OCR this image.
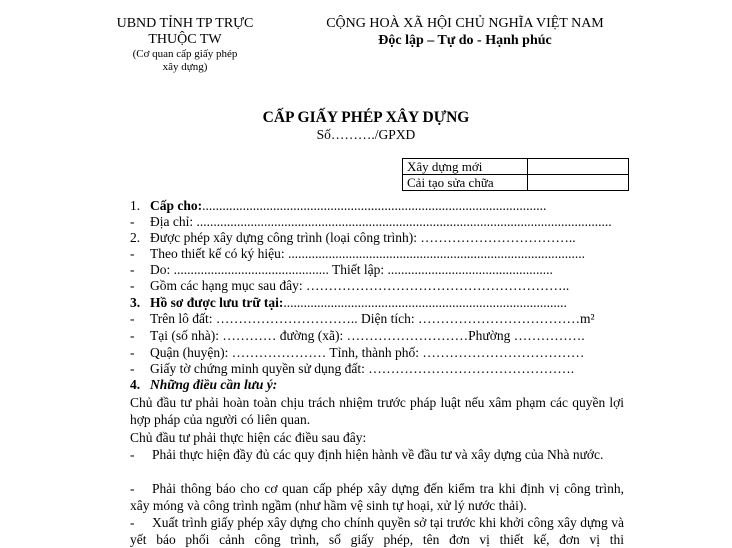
UBND TỈNH TP TRỰC
THUỘC TW
(Cơ quan cấp giấy phép
xây dựng)
CỘNG HOÀ XÃ HỘI CHỦ NGHĨA VIỆT NAM
Độc lập – Tự do - Hạnh phúc
CẤP GIẤY PHÉP XÂY DỰNG
Số………./GPXD
Xây dựng mới	
Cải tạo sửa chữa	
1. Cấp cho:......................................................................................................
-	Địa chỉ: ...........................................................................................................................
2. Được phép xây dựng công trình (loại công trình): ……………………………..
-	Theo thiết kế có ký hiệu: ........................................................................................
-	Do: .............................................. Thiết lập: .................................................
-	Gồm các hạng mục sau đây: …………………………………………………..
3. Hồ sơ được lưu trữ tại:....................................................................................
-	Trên lô đất: ………………………….. Diện tích: ………………………………m²
-	Tại (số nhà): ………… đường (xã): ………………………Phường …………….
-	Quận (huyện): ………………… Tỉnh, thành phố: ………………………………
-	Giấy tờ chứng minh quyền sử dụng đất: ……………………………………….
4. Những điều cần lưu ý:
Chủ đầu tư phải hoàn toàn chịu trách nhiệm trước pháp luật nếu xâm phạm các quyền lợi hợp pháp của người có liên quan.
Chủ đầu tư phải thực hiện các điều sau đây:
-	Phải thực hiện đầy đủ các quy định hiện hành về đầu tư và xây dựng của Nhà nước.
-	Phải thông báo cho cơ quan cấp phép xây dựng đến kiểm tra khi định vị công trình, xây móng và công trình ngầm (như hầm vệ sinh tự hoại, xử lý nước thải).
-	Xuất trình giấy phép xây dựng cho chính quyền sở tại trước khi khởi công xây dựng và yết báo phối cảnh công trình, số giấy phép, tên đơn vị thiết kế, đơn vị thi
